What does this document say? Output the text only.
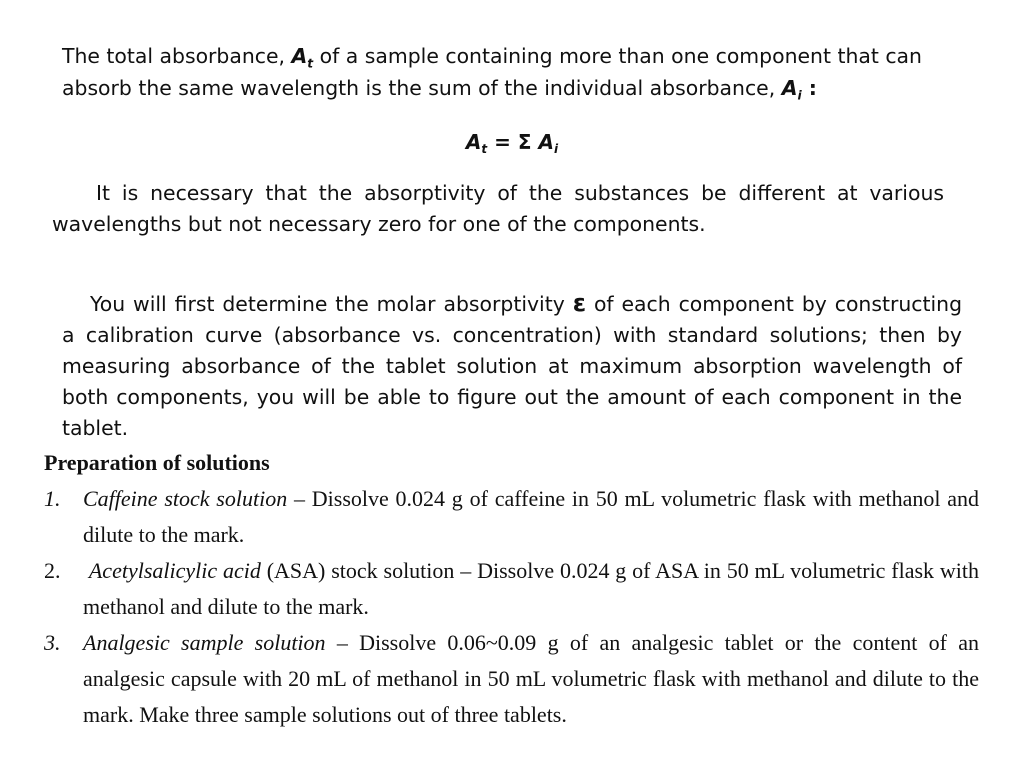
The total absorbance, $A_t$ of a sample containing more than one component that can absorb the same wavelength is the sum of the individual absorbance, $A_i$ :
$A_t = \Sigma$ $A_i$
It is necessary that the absorptivity of the substances be different at various wavelengths but not necessary zero for one of the components.
You will first determine the molar absorptivity ε of each component by constructing a calibration curve (absorbance vs. concentration) with standard solutions; then by measuring absorbance of the tablet solution at maximum absorption wavelength of both components, you will be able to figure out the amount of each component in the tablet.
Preparation of solutions
1. Caffeine stock solution – Dissolve 0.024 g of caffeine in 50 mL volumetric flask with methanol and dilute to the mark.
2. Acetylsalicylic acid (ASA) stock solution – Dissolve 0.024 g of ASA in 50 mL volumetric flask with methanol and dilute to the mark.
3. Analgesic sample solution – Dissolve 0.06~0.09 g of an analgesic tablet or the content of an analgesic capsule with 20 mL of methanol in 50 mL volumetric flask with methanol and dilute to the mark. Make three sample solutions out of three tablets.
